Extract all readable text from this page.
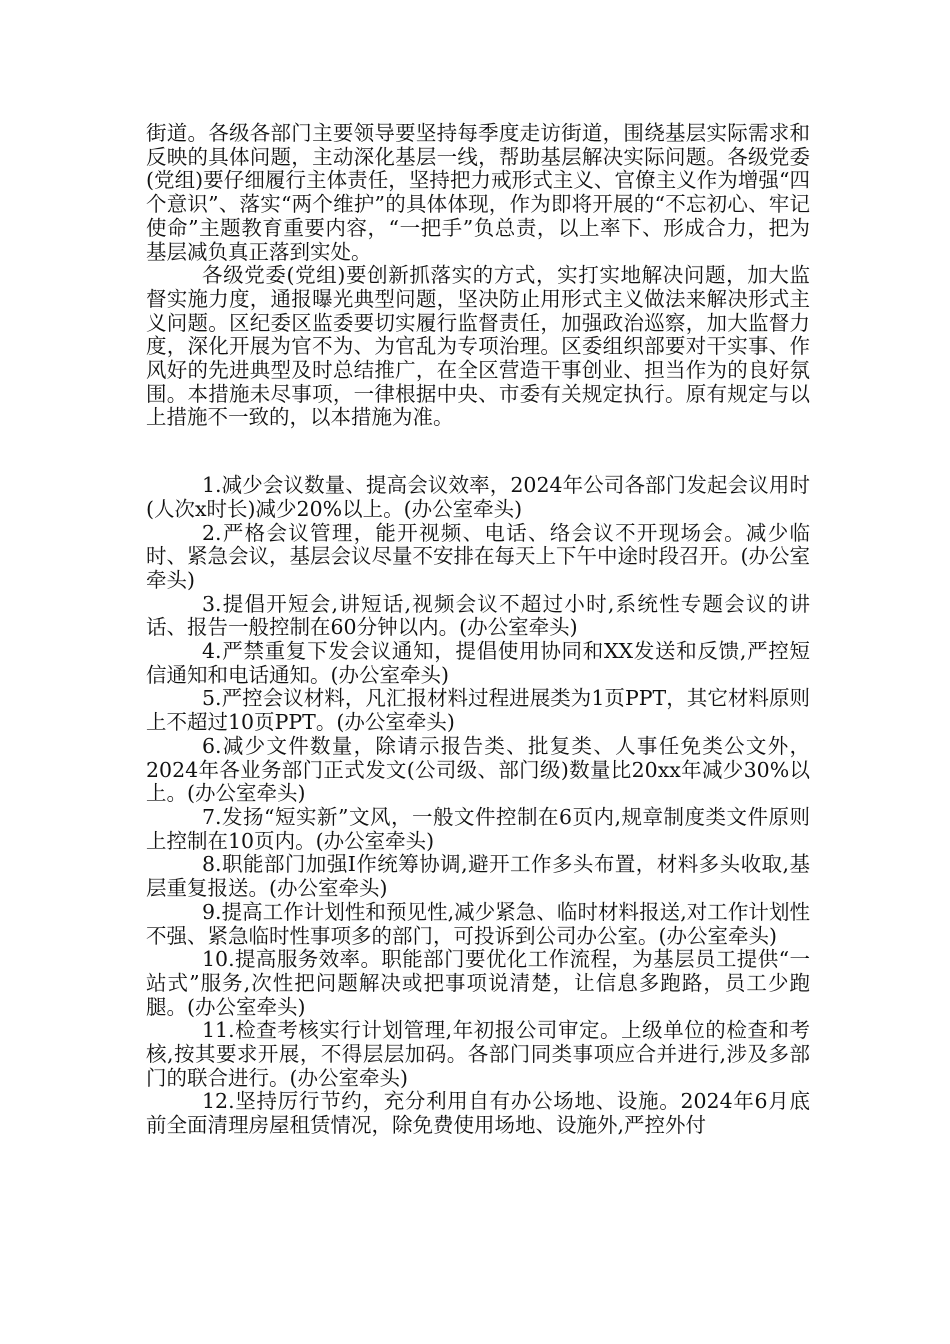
街道。各级各部门主要领导要坚持每季度走访街道，围绕基层实际需求和反映的具体问题，主动深化基层一线，帮助基层解决实际问题。各级党委(党组)要仔细履行主体责任，坚持把力戒形式主义、官僚主义作为增强“四个意识”、落实“两个维护”的具体体现，作为即将开展的“不忘初心、牢记使命”主题教育重要内容，“一把手”负总责，以上率下、形成合力，把为基层减负真正落到实处。

各级党委(党组)要创新抓落实的方式，实打实地解决问题，加大监督实施力度，通报曝光典型问题，坚决防止用形式主义做法来解决形式主义问题。区纪委区监委要切实履行监督责任，加强政治巡察，加大监督力度，深化开展为官不为、为官乱为专项治理。区委组织部要对干实事、作风好的先进典型及时总结推广，在全区营造干事创业、担当作为的良好氛围。本措施未尽事项，一律根据中央、市委有关规定执行。原有规定与以上措施不一致的，以本措施为准。

1.减少会议数量、提高会议效率，2024年公司各部门发起会议用时(人次x时长)减少20%以上。(办公室牵头)

2.严格会议管理，能开视频、电话、络会议不开现场会。减少临时、紧急会议，基层会议尽量不安排在每天上下午中途时段召开。(办公室牵头)

3.提倡开短会,讲短话,视频会议不超过小时,系统性专题会议的讲话、报告一般控制在60分钟以内。(办公室牵头)

4.严禁重复下发会议通知，提倡使用协同和XX发送和反馈,严控短信通知和电话通知。(办公室牵头)

5.严控会议材料，凡汇报材料过程进展类为1页PPT，其它材料原则上不超过10页PPT。(办公室牵头)

6.减少文件数量，除请示报告类、批复类、人事任免类公文外，2024年各业务部门正式发文(公司级、部门级)数量比20xx年减少30%以上。(办公室牵头)

7.发扬“短实新”文风，一般文件控制在6页内,规章制度类文件原则上控制在10页内。(办公室牵头)

8.职能部门加强I作统筹协调,避开工作多头布置，材料多头收取,基层重复报送。(办公室牵头)

9.提高工作计划性和预见性,减少紧急、临时材料报送,对工作计划性不强、紧急临时性事项多的部门，可投诉到公司办公室。(办公室牵头)

10.提高服务效率。职能部门要优化工作流程，为基层员工提供“一站式”服务,次性把问题解决或把事项说清楚，让信息多跑路，员工少跑腿。(办公室牵头)

11.检查考核实行计划管理,年初报公司审定。上级单位的检查和考核,按其要求开展，不得层层加码。各部门同类事项应合并进行,涉及多部门的联合进行。(办公室牵头)

12.坚持厉行节约，充分利用自有办公场地、设施。2024年6月底前全面清理房屋租赁情况，除免费使用场地、设施外,严控外付
